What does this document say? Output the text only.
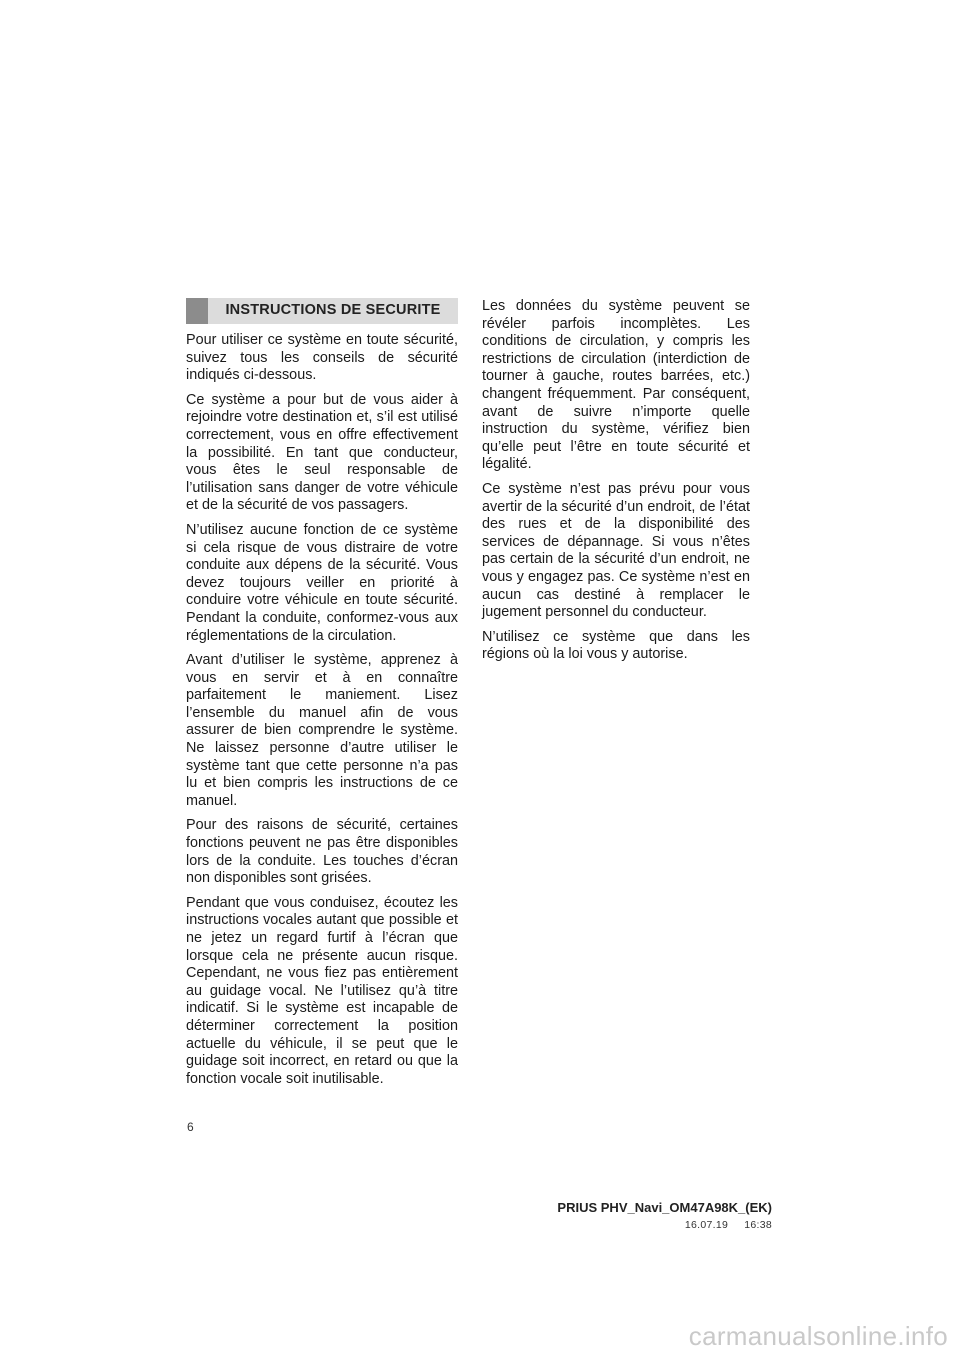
INSTRUCTIONS DE SECURITE

Pour utiliser ce système en toute sécurité, suivez tous les conseils de sécurité indiqués ci-dessous.

Ce système a pour but de vous aider à rejoindre votre destination et, s’il est utilisé correctement, vous en offre effectivement la possibilité. En tant que conducteur, vous êtes le seul responsable de l’utilisation sans danger de votre véhicule et de la sécurité de vos passagers.

N’utilisez aucune fonction de ce système si cela risque de vous distraire de votre conduite aux dépens de la sécurité. Vous devez toujours veiller en priorité à conduire votre véhicule en toute sécurité. Pendant la conduite, conformez-vous aux réglementations de la circulation.

Avant d’utiliser le système, apprenez à vous en servir et à en connaître parfaitement le maniement. Lisez l’ensemble du manuel afin de vous assurer de bien comprendre le système. Ne laissez personne d’autre utiliser le système tant que cette personne n’a pas lu et bien compris les instructions de ce manuel.

Pour des raisons de sécurité, certaines fonctions peuvent ne pas être disponibles lors de la conduite. Les touches d’écran non disponibles sont grisées.

Pendant que vous conduisez, écoutez les instructions vocales autant que possible et ne jetez un regard furtif à l’écran que lorsque cela ne présente aucun risque. Cependant, ne vous fiez pas entièrement au guidage vocal. Ne l’utilisez qu’à titre indicatif. Si le système est incapable de déterminer correctement la position actuelle du véhicule, il se peut que le guidage soit incorrect, en retard ou que la fonction vocale soit inutilisable.

Les données du système peuvent se révéler parfois incomplètes. Les conditions de circulation, y compris les restrictions de circulation (interdiction de tourner à gauche, routes barrées, etc.) changent fréquemment. Par conséquent, avant de suivre n’importe quelle instruction du système, vérifiez bien qu’elle peut l’être en toute sécurité et légalité.

Ce système n’est pas prévu pour vous avertir de la sécurité d’un endroit, de l’état des rues et de la disponibilité des services de dépannage. Si vous n’êtes pas certain de la sécurité d’un endroit, ne vous y engagez pas. Ce système n’est en aucun cas destiné à remplacer le jugement personnel du conducteur.

N’utilisez ce système que dans les régions où la loi vous y autorise.

6
PRIUS PHV_Navi_OM47A98K_(EK)
16.07.19     16:38
carmanualsonline.info
